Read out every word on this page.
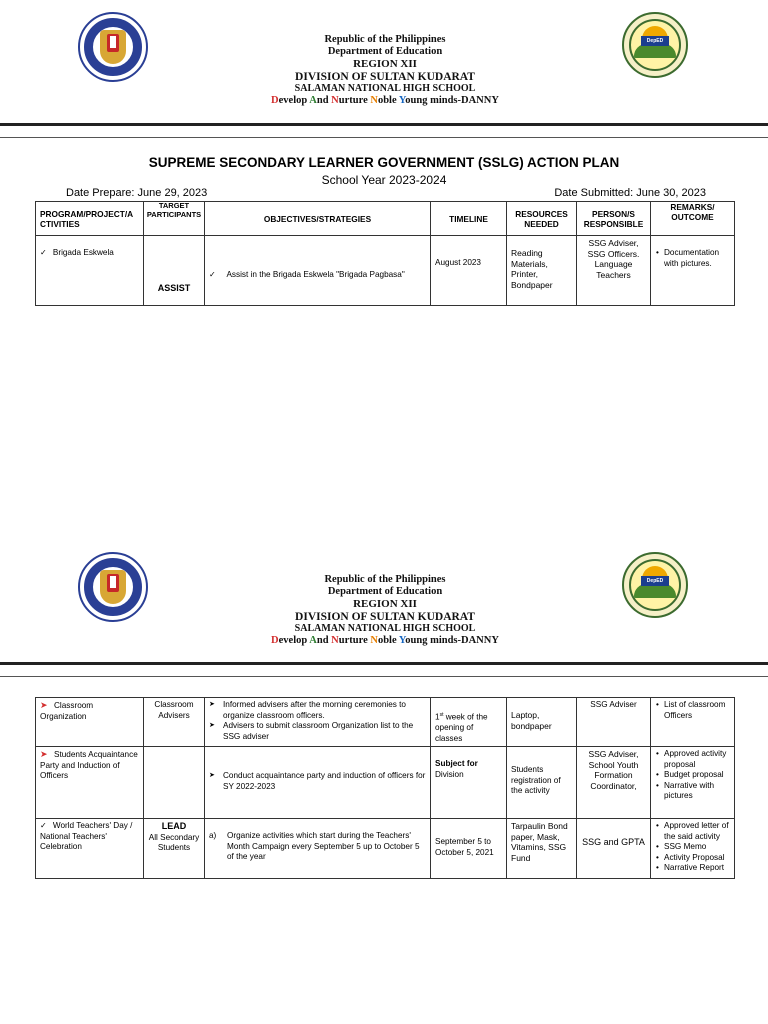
Republic of the Philippines
Department of Education
REGION XII
DIVISION OF SULTAN KUDARAT
SALAMAN NATIONAL HIGH SCHOOL
Develop And Nurture Noble Young minds-DANNY
DepED
SUPREME SECONDARY LEARNER GOVERNMENT (SSLG) ACTION PLAN
School Year 2023-2024
Date Prepare: June 29, 2023	Date Submitted: June 30, 2023
PROGRAM/PROJECT/A CTIVITIES	TARGET PARTICIPANTS	OBJECTIVES/STRATEGIES	TIMELINE	RESOURCES NEEDED	PERSON/S RESPONSIBLE	REMARKS/ OUTCOME
✓ Brigada Eskwela	ASSIST	✓ Assist in the Brigada Eskwela "Brigada Pagbasa"	August 2023	Reading Materials, Printer, Bondpaper	SSG Adviser, SSG Officers. Language Teachers	• Documentation with pictures.
Republic of the Philippines
Department of Education
REGION XII
DIVISION OF SULTAN KUDARAT
SALAMAN NATIONAL HIGH SCHOOL
Develop And Nurture Noble Young minds-DANNY
DepED
➤ Classroom Organization	Classroom Advisers	➤ Informed advisers after the morning ceremonies to organize classroom officers.
➤ Advisers to submit classroom Organization list to the SSG adviser	1st week of the opening of classes	Laptop, bondpaper	SSG Adviser	• List of classroom Officers

➤ Students Acquaintance Party and Induction of Officers		➤ Conduct acquaintance party and induction of officers for SY 2022-2023	Subject for
Division	Students registration of the activity	SSG Adviser, School Youth Formation Coordinator,	• Approved activity proposal
• Budget proposal
• Narrative with pictures

✓ World Teachers' Day / National Teachers' Celebration	LEAD
All Secondary Students	a) Organize activities which start during the Teachers' Month Campaign every September 5 up to October 5 of the year	September 5 to October 5, 2021	Tarpaulin Bond paper, Mask, Vitamins, SSG Fund	SSG and GPTA	• Approved letter of the said activity
• SSG Memo
• Activity Proposal
• Narrative Report
